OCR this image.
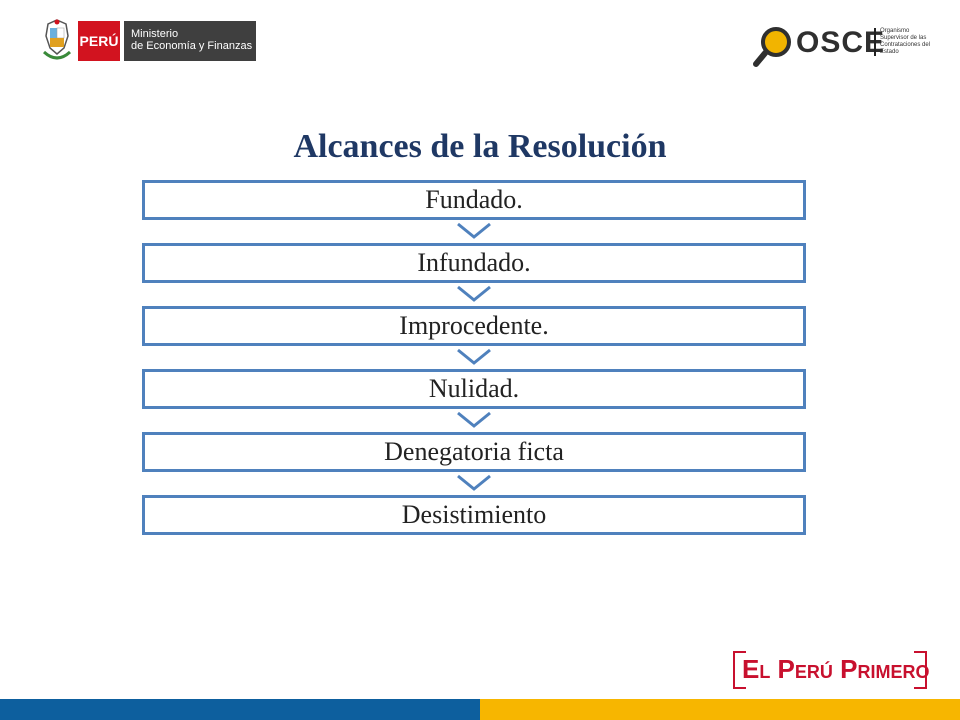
PERÚ Ministerio
de Economía y Finanzas	OSCE
Organismo Supervisor de las Contrataciones del Estado
Alcances de la Resolución
Fundado.
Infundado.
Improcedente.
Nulidad.
Denegatoria ficta
Desistimiento
El Perú Primero
